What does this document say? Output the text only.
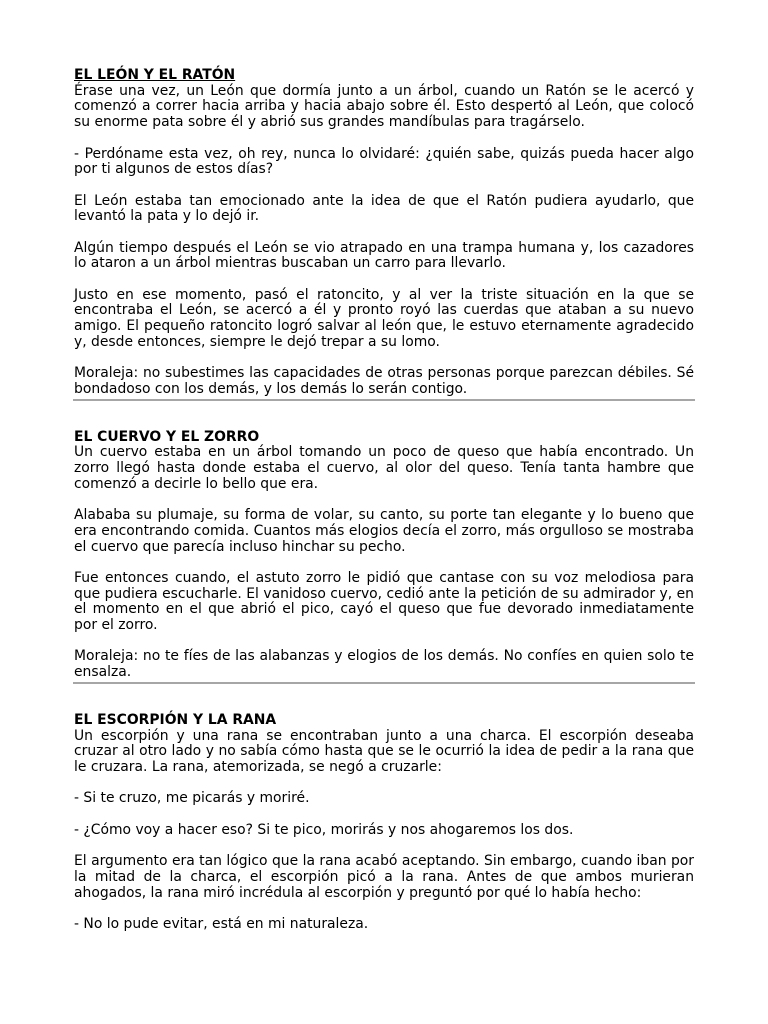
EL LEÓN Y EL RATÓN

Érase una vez, un León que dormía junto a un árbol, cuando un Ratón se le acercó y comenzó a correr hacia arriba y hacia abajo sobre él. Esto despertó al León, que colocó su enorme pata sobre él y abrió sus grandes mandíbulas para tragárselo.

- Perdóname esta vez, oh rey, nunca lo olvidaré: ¿quién sabe, quizás pueda hacer algo por ti algunos de estos días?

El León estaba tan emocionado ante la idea de que el Ratón pudiera ayudarlo, que levantó la pata y lo dejó ir.

Algún tiempo después el León se vio atrapado en una trampa humana y, los cazadores lo ataron a un árbol mientras buscaban un carro para llevarlo.

Justo en ese momento, pasó el ratoncito, y al ver la triste situación en la que se encontraba el León, se acercó a él y pronto royó las cuerdas que ataban a su nuevo amigo. El pequeño ratoncito logró salvar al león que, le estuvo eternamente agradecido y, desde entonces, siempre le dejó trepar a su lomo.

Moraleja: no subestimes las capacidades de otras personas porque parezcan débiles. Sé bondadoso con los demás, y los demás lo serán contigo.

EL CUERVO Y EL ZORRO

Un cuervo estaba en un árbol tomando un poco de queso que había encontrado. Un zorro llegó hasta donde estaba el cuervo, al olor del queso. Tenía tanta hambre que comenzó a decirle lo bello que era.

Alababa su plumaje, su forma de volar, su canto, su porte tan elegante y lo bueno que era encontrando comida. Cuantos más elogios decía el zorro, más orgulloso se mostraba el cuervo que parecía incluso hinchar su pecho.

Fue entonces cuando, el astuto zorro le pidió que cantase con su voz melodiosa para que pudiera escucharle. El vanidoso cuervo, cedió ante la petición de su admirador y, en el momento en el que abrió el pico, cayó el queso que fue devorado inmediatamente por el zorro.

Moraleja: no te fíes de las alabanzas y elogios de los demás. No confíes en quien solo te ensalza.

EL ESCORPIÓN Y LA RANA

Un escorpión y una rana se encontraban junto a una charca. El escorpión deseaba cruzar al otro lado y no sabía cómo hasta que se le ocurrió la idea de pedir a la rana que le cruzara. La rana, atemorizada, se negó a cruzarle:

- Si te cruzo, me picarás y moriré.

- ¿Cómo voy a hacer eso? Si te pico, morirás y nos ahogaremos los dos.

El argumento era tan lógico que la rana acabó aceptando. Sin embargo, cuando iban por la mitad de la charca, el escorpión picó a la rana. Antes de que ambos murieran ahogados, la rana miró incrédula al escorpión y preguntó por qué lo había hecho:

- No lo pude evitar, está en mi naturaleza.
